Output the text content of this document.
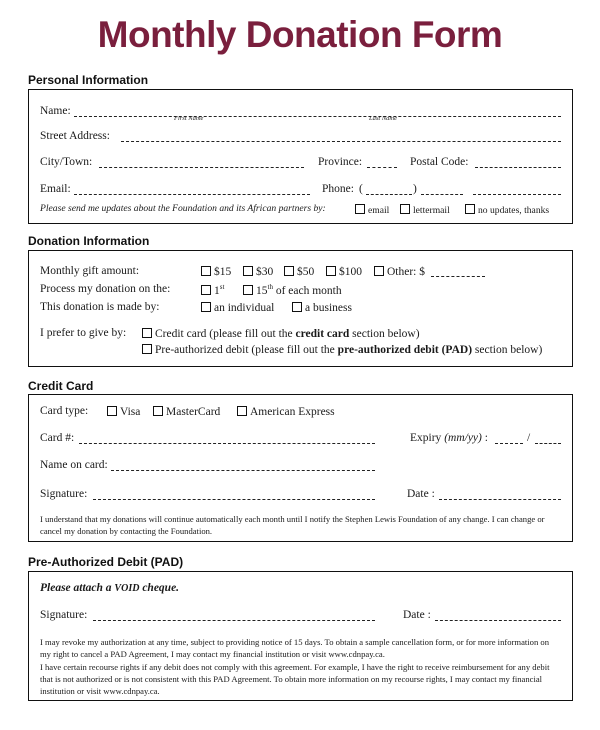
Monthly Donation Form
Personal Information
Name:
First Name	Last Name
Street Address:
City/Town:	Province:	Postal Code:
Email:	Phone: (	)
Please send me updates about the Foundation and its African partners by:	email	lettermail	no updates, thanks
Donation Information
Monthly gift amount:	$15	$30	$50	$100	Other: $
Process my donation on the:	1st	15th of each month
This donation is made by:	an individual	a business
I prefer to give by:	Credit card (please fill out the credit card section below)
Pre-authorized debit (please fill out the pre-authorized debit (PAD) section below)
Credit Card
Card type:	Visa	MasterCard	American Express
Card #:	Expiry (mm/yy) :	/
Name on card:
Signature:	Date :
I understand that my donations will continue automatically each month until I notify the Stephen Lewis Foundation of any change. I can change or cancel my donation by contacting the Foundation.
Pre-Authorized Debit (PAD)
Please attach a VOID cheque.
Signature:	Date :
I may revoke my authorization at any time, subject to providing notice of 15 days. To obtain a sample cancellation form, or for more information on my right to cancel a PAD Agreement, I may contact my financial institution or visit www.cdnpay.ca.
I have certain recourse rights if any debit does not comply with this agreement. For example, I have the right to receive reimbursement for any debit that is not authorized or is not consistent with this PAD Agreement. To obtain more information on my recourse rights, I may contact my financial institution or visit www.cdnpay.ca.
